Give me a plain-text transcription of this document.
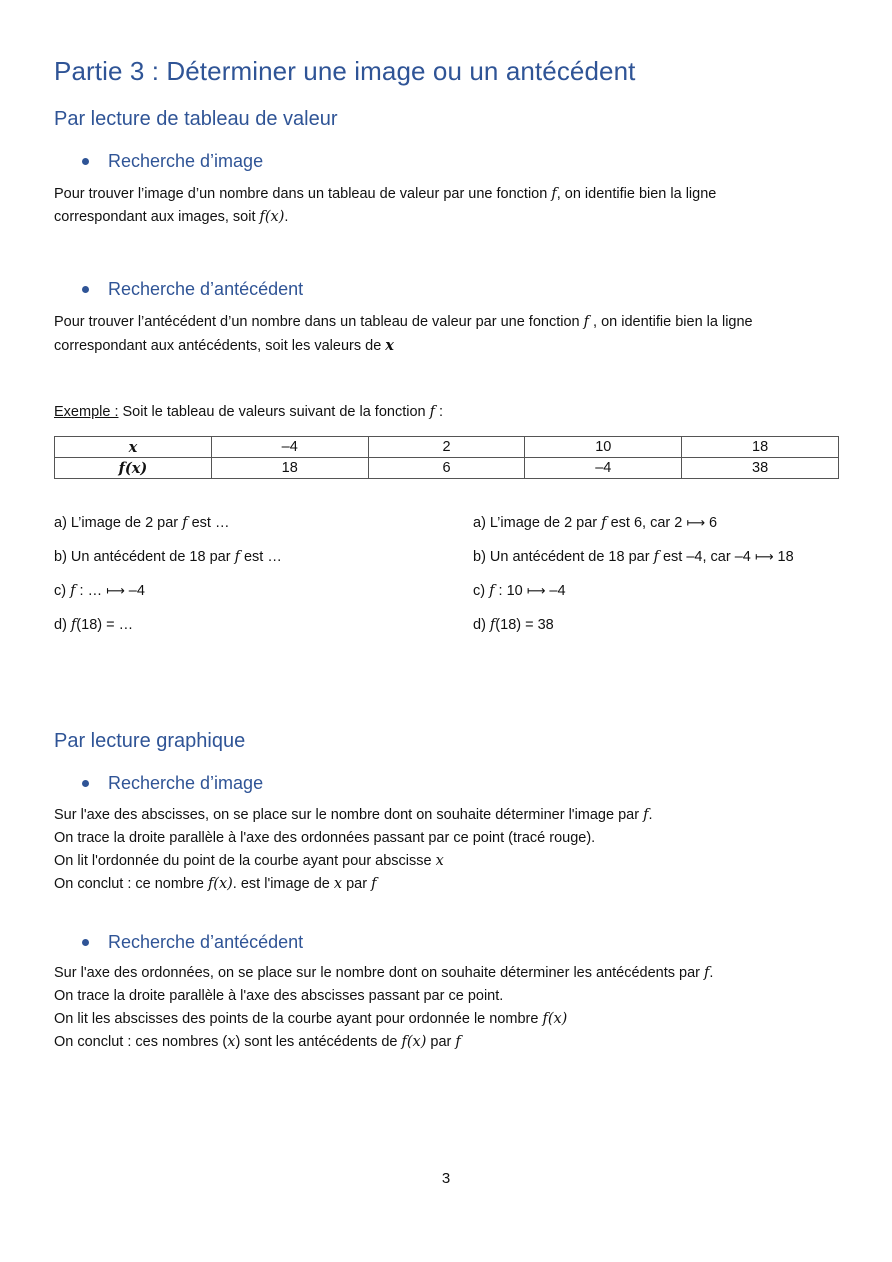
Partie 3 : Déterminer une image ou un antécédent
Par lecture de tableau de valeur
Recherche d’image
Pour trouver l’image d’un nombre dans un tableau de valeur par une fonction f, on identifie bien la ligne
correspondant aux images, soit f(x).
Recherche d’antécédent
Pour trouver l’antécédent d’un nombre dans un tableau de valeur par une fonction f , on identifie bien la ligne
correspondant aux antécédents, soit les valeurs de x
Exemple : Soit le tableau de valeurs suivant de la fonction f :
x	–4	2	10	18
f(x)	18	6	–4	38
a) L’image de 2 par f est …
b) Un antécédent de 18 par f est …
c) f : … ⟼ –4
d) f(18) = …
a) L’image de 2 par f est 6, car 2 ⟼ 6
b) Un antécédent de 18 par f est –4, car –4 ⟼ 18
c) f : 10 ⟼ –4
d) f(18) = 38
Par lecture graphique
Recherche d’image
Sur l'axe des abscisses, on se place sur le nombre dont on souhaite déterminer l'image par f.
On trace la droite parallèle à l'axe des ordonnées passant par ce point (tracé rouge).
On lit l'ordonnée du point de la courbe ayant pour abscisse x
On conclut : ce nombre f(x). est l'image de x par f
Recherche d’antécédent
Sur l'axe des ordonnées, on se place sur le nombre dont on souhaite déterminer les antécédents par f.
On trace la droite parallèle à l'axe des abscisses passant par ce point.
On lit les abscisses des points de la courbe ayant pour ordonnée le nombre f(x)
On conclut : ces nombres (x) sont les antécédents de f(x) par f
3
